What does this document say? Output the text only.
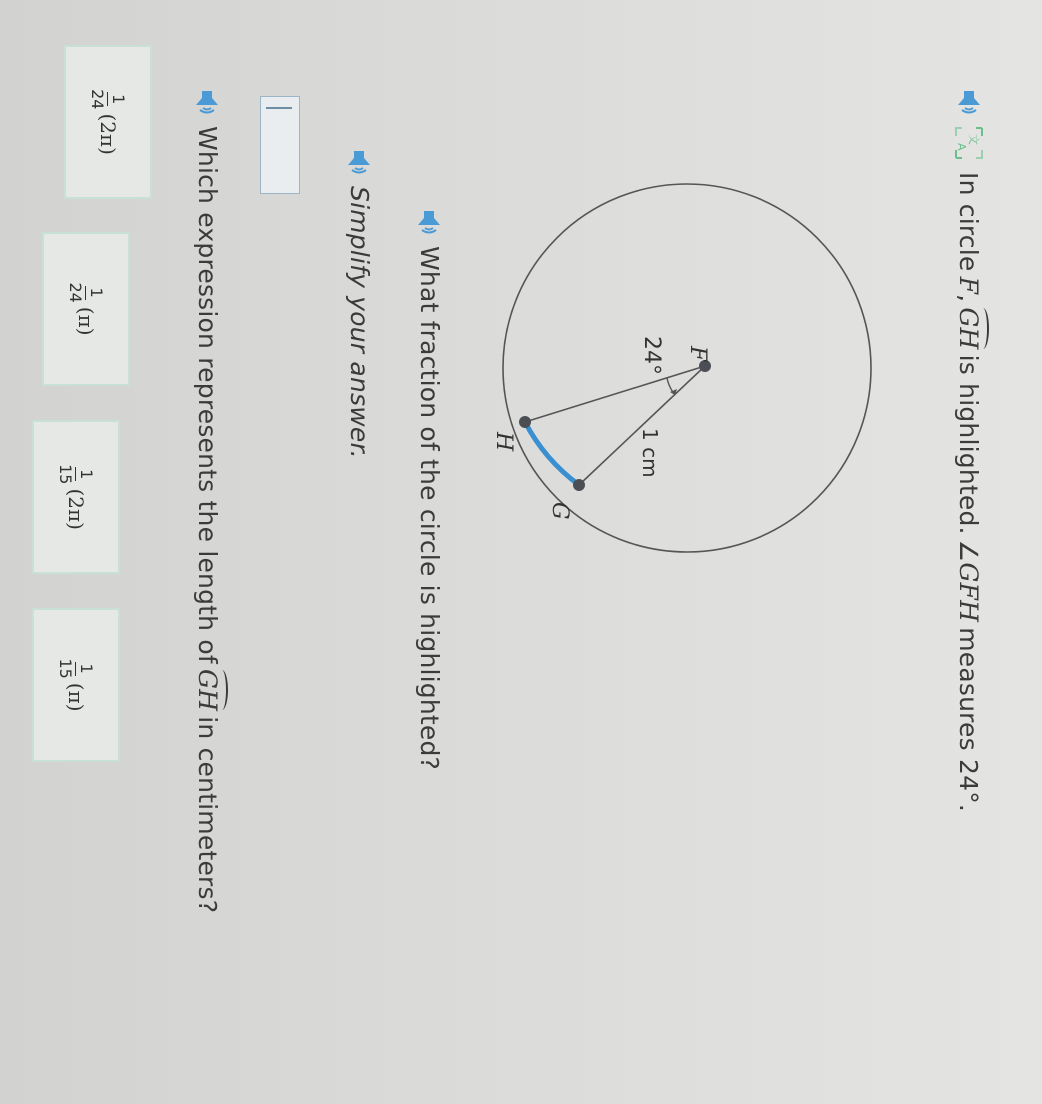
文
A
In circle

F
,

GH

is highlighted.

∠
GFH

measures 24°.
F
H
G
24°
1 cm
What fraction of the circle is highlighted?
Simplify your answer.
Which expression represents the length of

GH

in centimeters?
1
24
(2π)
1
24
(π)
1
15
(2π)
1
15
(π)
